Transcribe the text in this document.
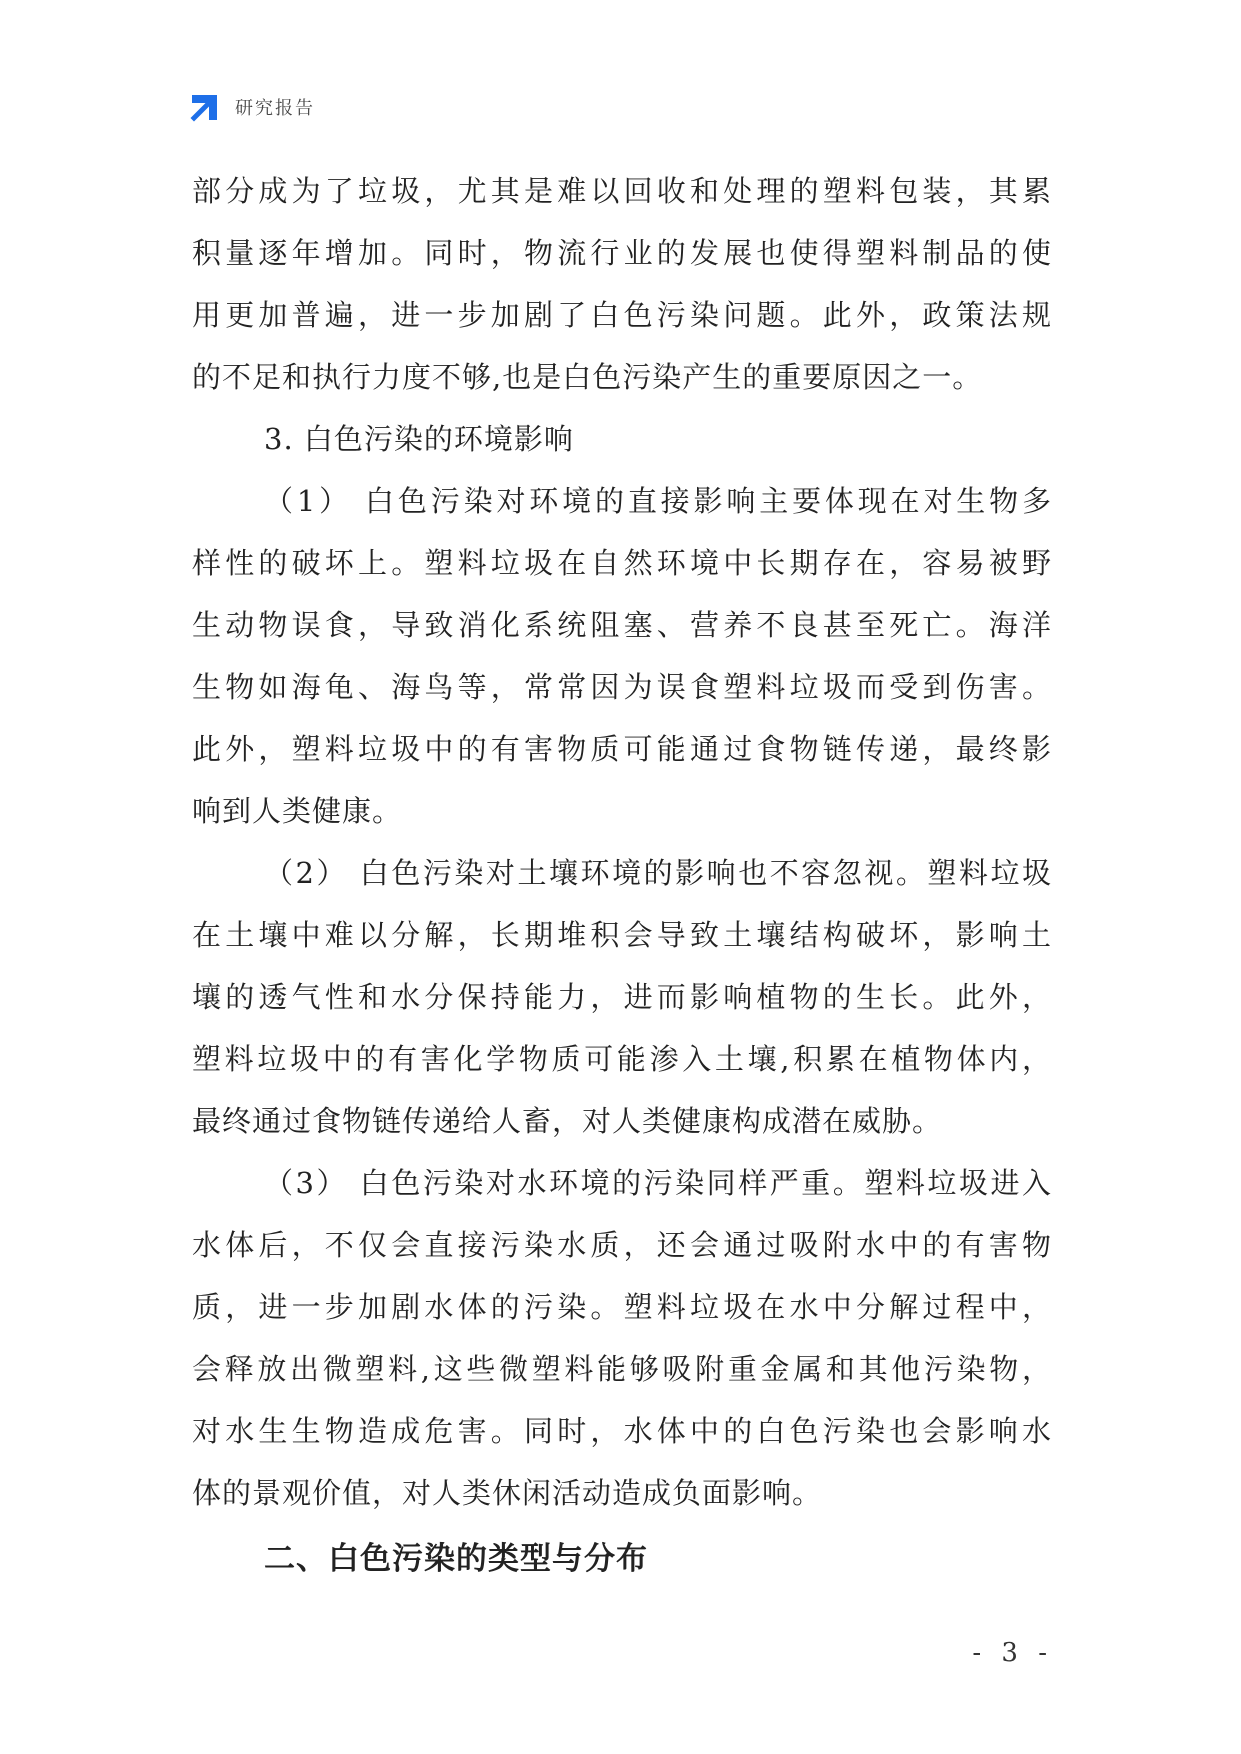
研究报告
部分成为了垃圾，尤其是难以回收和处理的塑料包装，其累
积量逐年增加。同时，物流行业的发展也使得塑料制品的使
用更加普遍，进一步加剧了白色污染问题。此外，政策法规
的不足和执行力度不够,也是白色污染产生的重要原因之一。
3. 白色污染的环境影响
（1） 白色污染对环境的直接影响主要体现在对生物多
样性的破坏上。塑料垃圾在自然环境中长期存在，容易被野
生动物误食，导致消化系统阻塞、营养不良甚至死亡。海洋
生物如海龟、海鸟等，常常因为误食塑料垃圾而受到伤害。
此外，塑料垃圾中的有害物质可能通过食物链传递，最终影
响到人类健康。
（2） 白色污染对土壤环境的影响也不容忽视。塑料垃圾
在土壤中难以分解，长期堆积会导致土壤结构破坏，影响土
壤的透气性和水分保持能力，进而影响植物的生长。此外，
塑料垃圾中的有害化学物质可能渗入土壤,积累在植物体内，
最终通过食物链传递给人畜，对人类健康构成潜在威胁。
（3） 白色污染对水环境的污染同样严重。塑料垃圾进入
水体后，不仅会直接污染水质，还会通过吸附水中的有害物
质，进一步加剧水体的污染。塑料垃圾在水中分解过程中，
会释放出微塑料,这些微塑料能够吸附重金属和其他污染物，
对水生生物造成危害。同时，水体中的白色污染也会影响水
体的景观价值，对人类休闲活动造成负面影响。
二、白色污染的类型与分布
- 3 -
